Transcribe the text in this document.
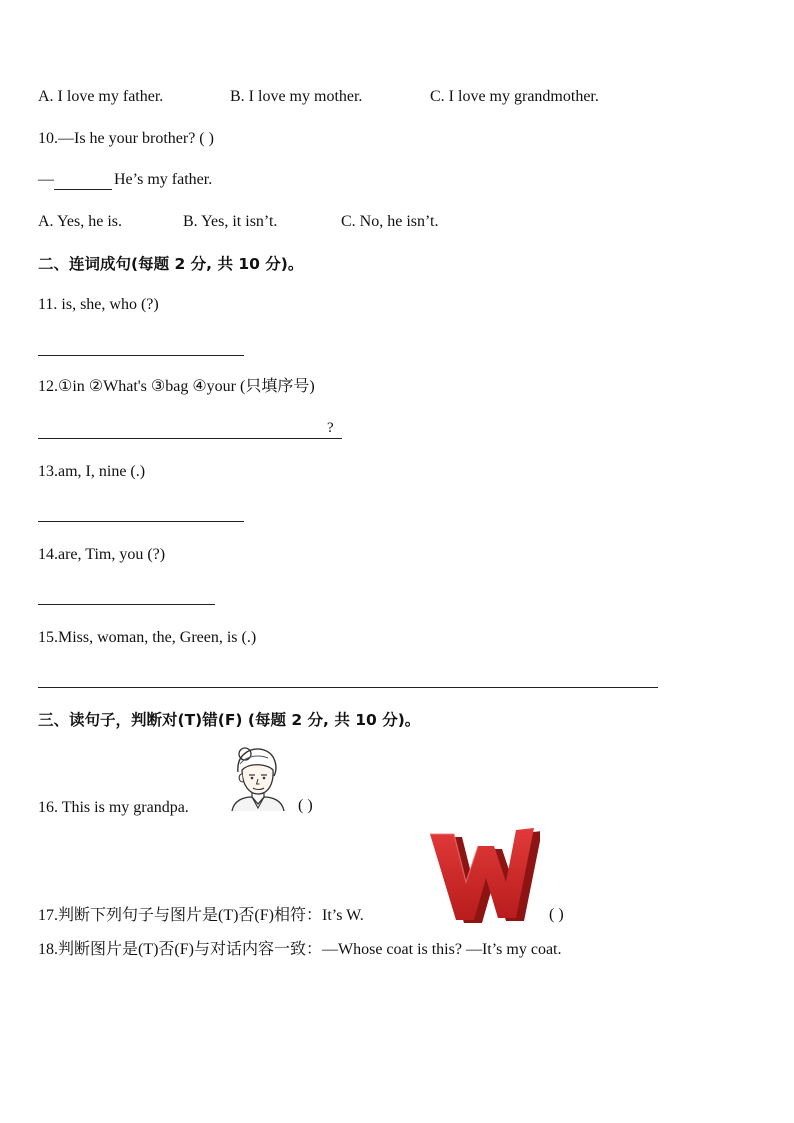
A. I love my father.	B. I love my mother.	C. I love my grandmother.
10.—Is he your brother? ( )
—	He’s my father.
A. Yes, he is.	B. Yes, it isn’t.	C. No, he isn’t.
二、连词成句(每题 2 分, 共 10 分)。
11. is, she, who (?)
12.①in ②What's ③bag ④your (只填序号)
?
13.am, I, nine (.)
14.are, Tim, you (?)
15.Miss, woman, the, Green, is (.)
三、读句子，判断对(T)错(F) (每题 2 分, 共 10 分)。
16. This is my grandpa.	( )
17.判断下列句子与图片是(T)否(F)相符：It’s W.	( )
18.判断图片是(T)否(F)与对话内容一致：—Whose coat is this? —It’s my coat.
